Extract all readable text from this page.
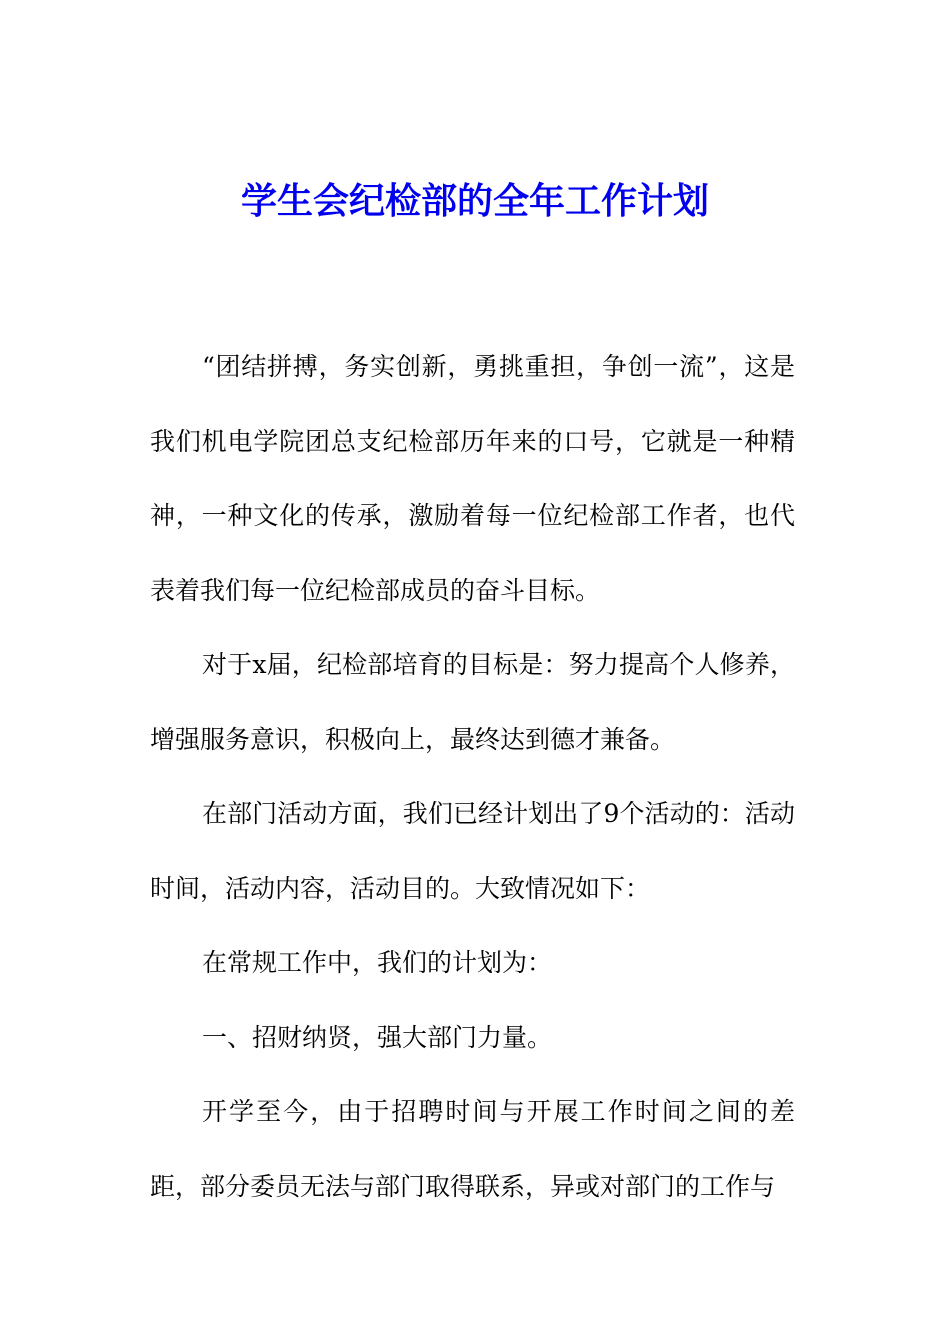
学生会纪检部的全年工作计划

“团结拼搏，务实创新，勇挑重担，争创一流”，这是我们机电学院团总支纪检部历年来的口号，它就是一种精神，一种文化的传承，激励着每一位纪检部工作者，也代表着我们每一位纪检部成员的奋斗目标。

对于x届，纪检部培育的目标是：努力提高个人修养，增强服务意识，积极向上，最终达到德才兼备。

在部门活动方面，我们已经计划出了9个活动的：活动时间，活动内容，活动目的。大致情况如下：

在常规工作中，我们的计划为：

一、招财纳贤，强大部门力量。

开学至今，由于招聘时间与开展工作时间之间的差距，部分委员无法与部门取得联系，异或对部门的工作与
